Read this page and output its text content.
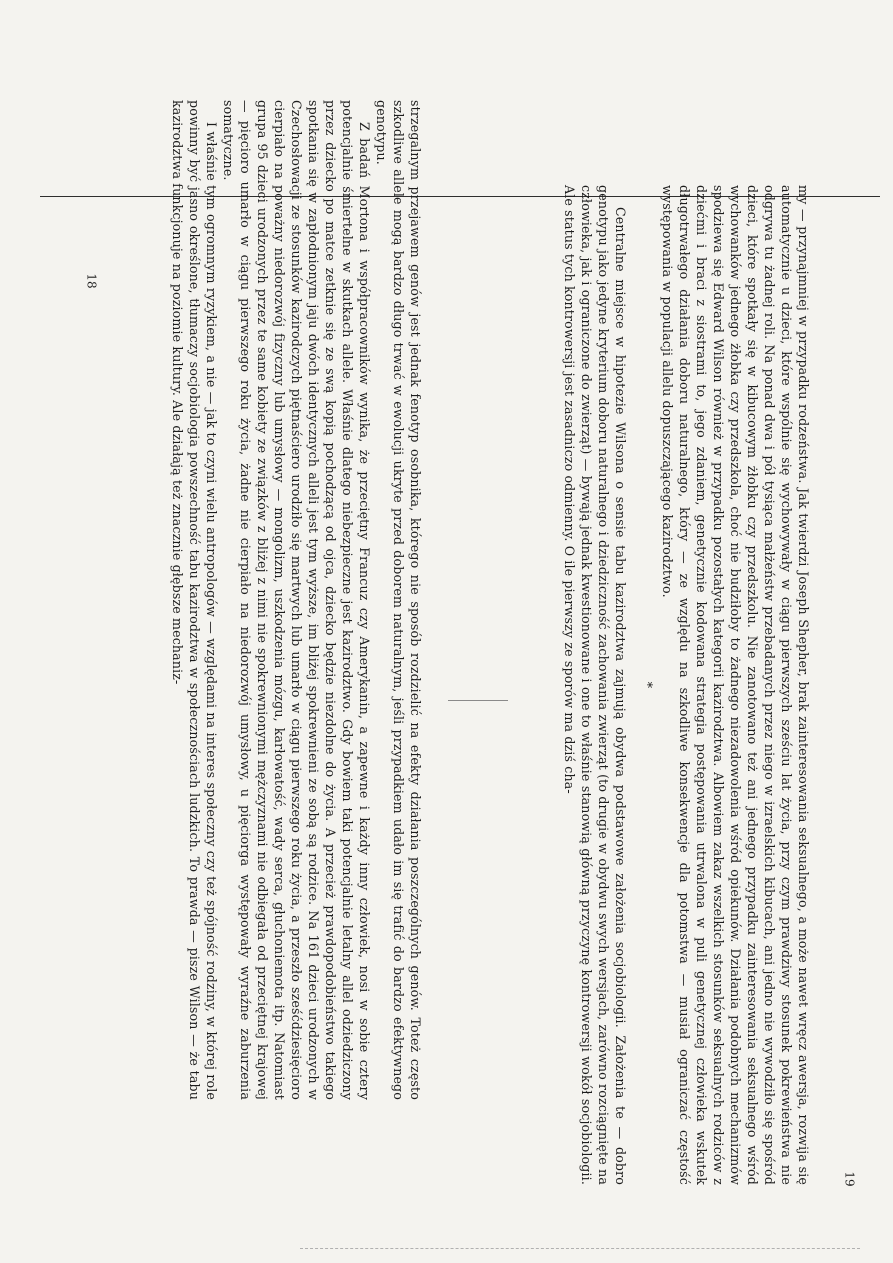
strzegalnym przejawem genów jest jednak fenotyp osobnika, którego nie sposób rozdzielić na efekty działania poszczególnych genów. Toteż często szkodliwe allele mogą bardzo długo trwać w ewolucji ukryte przed doborem naturalnym, jeśli przypadkiem udało im się trafić do bardzo efektywnego genotypu.

Z badań Mortona i współpracowników wynika, że przeciętny Francuz czy Amerykanin, a zapewne i każdy inny człowiek, nosi w sobie cztery potencjalnie śmiertelne w skutkach allele. Właśnie dlatego niebezpieczne jest kazirodztwo. Gdy bowiem taki potencjalnie letalny allel odziedziczony przez dziecko po matce zetknie się ze swą kopią pochodzącą od ojca, dziecko będzie niezdolne do życia. A przecież prawdopodobieństwo takiego spotkania się w zapłodnionym jaju dwóch identycznych alleli jest tym wyższe, im bliżej spokrewnieni ze sobą są rodzice. Na 161 dzieci urodzonych w Czechosłowacji ze stosunków kazirodczych piętnaściero urodziło się martwych lub umarło w ciągu pierwszego roku życia, a przeszło sześćdziesięcioro cierpiało na poważny niedorozwój fizyczny lub umysłowy — mongolizm, uszkodzenia mózgu, karłowatość, wady serca, głuchoniemota itp. Natomiast grupa 95 dzieci urodzonych przez te same kobiety ze związków z bliżej z nimi nie spokrewnionymi mężczyznami nie odbiegała od przeciętnej krajowej — pięcioro umarło w ciągu pierwszego roku życia, żadne nie cierpiało na niedorozwój umysłowy, u pięciorga występowały wyraźne zaburzenia somatyczne.

I właśnie tym ogromnym ryzykiem, a nie — jak to czyni wielu antropologów — względami na interes społeczny czy też spójność rodziny, w której role powinny być jasno określone, tłumaczy socjobiologia powszechność tabu kazirodztwa w społecznościach ludzkich. To prawda — pisze Wilson — że tabu kazirodztwa funkcjonuje na poziomie kultury. Ale działają też znacznie głębsze mechaniz-	my — przynajmniej w przypadku rodzeństwa. Jak twierdzi Joseph Shepher, brak zainteresowania seksualnego, a może nawet wręcz awersja, rozwija się automatycznie u dzieci, które wspólnie się wychowywały w ciągu pierwszych sześciu lat życia, przy czym prawdziwy stosunek pokrewieństwa nie odgrywa tu żadnej roli. Na ponad dwa i pół tysiąca małżeństw przebadanych przez niego w izraelskich kibucach, ani jedno nie wywodziło się spośród dzieci, które spotkały się w kibucowym żłobku czy przedszkolu. Nie zanotowano też ani jednego przypadku zainteresowania seksualnego wśród wychowanków jednego żłobka czy przedszkola, choć nie budziłoby to żadnego niezadowolenia wśród opiekunów. Działania podobnych mechanizmów spodziewa się Edward Wilson również w przypadku pozostałych kategorii kazirodztwa. Albowiem zakaz wszelkich stosunków seksualnych rodziców z dziećmi i braci z siostrami to, jego zdaniem, genetycznie kodowana strategia postępowania utrwalona w puli genetycznej człowieka wskutek długotrwałego działania doboru naturalnego, który — ze względu na szkodliwe konsekwencje dla potomstwa — musiał ograniczać częstość występowania w populacji allelu dopuszczającego kazirodztwo.

*

Centralne miejsce w hipotezie Wilsona o sensie tabu kazirodztwa zajmują obydwa podstawowe założenia socjobiologii. Założenia te — dobro genotypu jako jedyne kryterium doboru naturalnego i dziedziczność zachowania zwierząt (to drugie w obydwu swych wersjach, zarówno rozciągnięte na człowieka, jak i ograniczone do zwierząt) — bywają jednak kwestionowane i one to właśnie stanowią główną przyczynę kontrowersji wokół socjobiologii. Ale status tych kontrowersji jest zasadniczo odmienny. O ile pierwszy ze sporów ma dziś cha-

18
19
